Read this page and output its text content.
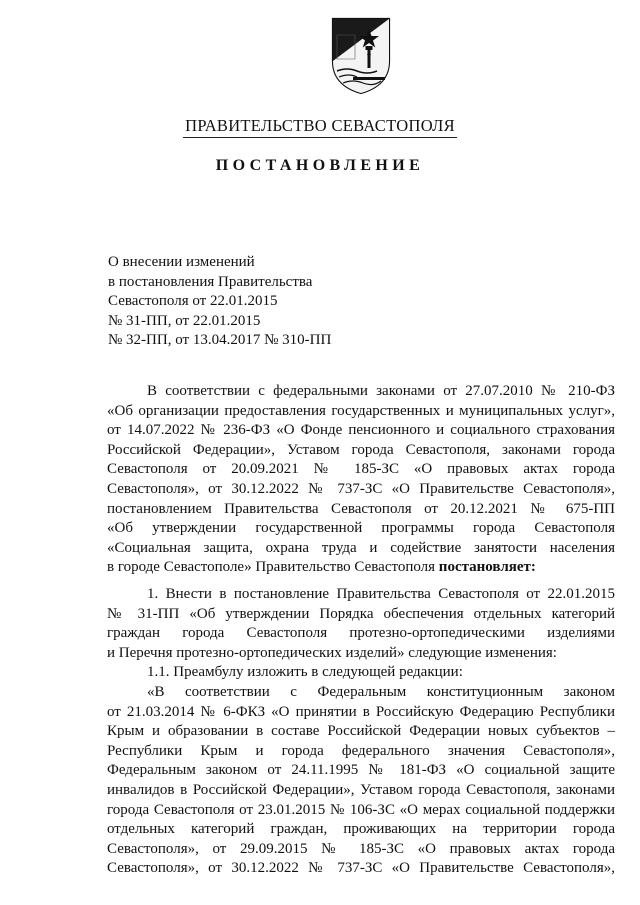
ПРАВИТЕЛЬСТВО СЕВАСТОПОЛЯ
ПОСТАНОВЛЕНИЕ
О внесении изменений
в постановления Правительства
Севастополя от 22.01.2015
№ 31-ПП, от 22.01.2015
№ 32-ПП, от 13.04.2017 № 310-ПП

В соответствии с федеральными законами от 27.07.2010 № 210-ФЗ

«Об организации предоставления государственных и муниципальных услуг»,

от 14.07.2022 № 236-ФЗ «О Фонде пенсионного и социального страхования

Российской Федерации», Уставом города Севастополя, законами города

Севастополя от 20.09.2021 № 185-ЗС «О правовых актах города

Севастополя», от 30.12.2022 № 737-ЗС «О Правительстве Севастополя»,

постановлением Правительства Севастополя от 20.12.2021 № 675-ПП

«Об утверждении государственной программы города Севастополя

«Социальная защита, охрана труда и содействие занятости населения

в городе Севастополе» Правительство Севастополя постановляет:

1. Внести в постановление Правительства Севастополя от 22.01.2015

№ 31-ПП «Об утверждении Порядка обеспечения отдельных категорий

граждан города Севастополя протезно-ортопедическими изделиями

и Перечня протезно-ортопедических изделий» следующие изменения:

1.1. Преамбулу изложить в следующей редакции:

«В соответствии с Федеральным конституционным законом

от 21.03.2014 № 6-ФКЗ «О принятии в Российскую Федерацию Республики

Крым и образовании в составе Российской Федерации новых субъектов –

Республики Крым и города федерального значения Севастополя»,

Федеральным законом от 24.11.1995 № 181-ФЗ «О социальной защите

инвалидов в Российской Федерации», Уставом города Севастополя, законами

города Севастополя от 23.01.2015 № 106-ЗС «О мерах социальной поддержки

отдельных категорий граждан, проживающих на территории города

Севастополя», от 29.09.2015 № 185-ЗС «О правовых актах города

Севастополя», от 30.12.2022 № 737-ЗС «О Правительстве Севастополя»,
